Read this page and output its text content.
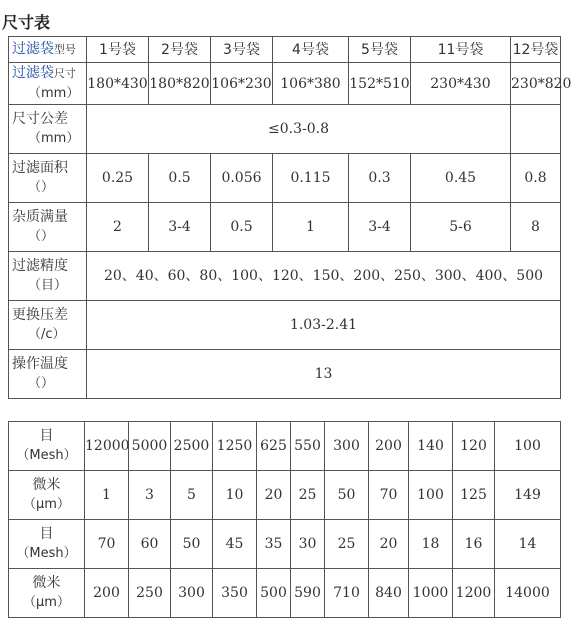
尺寸表
过滤袋型号	1号袋	2号袋	3号袋	4号袋	5号袋	11号袋	12号袋

过滤袋尺寸
（mm）	180*430	180*820	106*230	106*380	152*510	230*430	230*820

尺寸公差
（mm）	≤0.3-0.8						

过滤面积
（）	0.25	0.5	0.056	0.115	0.3	0.45	0.8

杂质满量
（）	2	3-4	0.5	1	3-4	5-6	8

过滤精度
（目）	20、40、60、80、100、120、150、200、250、300、400、500						

更换压差
（/c）	1.03-2.41						

操作温度
（）	13						
目
（Mesh）	12000	5000	2500	1250	625	550	300	200	140	120	100

微米
（μm）	1	3	5	10	20	25	50	70	100	125	149

目
（Mesh）	70	60	50	45	35	30	25	20	18	16	14

微米
（μm）	200	250	300	350	500	590	710	840	1000	1200	14000
